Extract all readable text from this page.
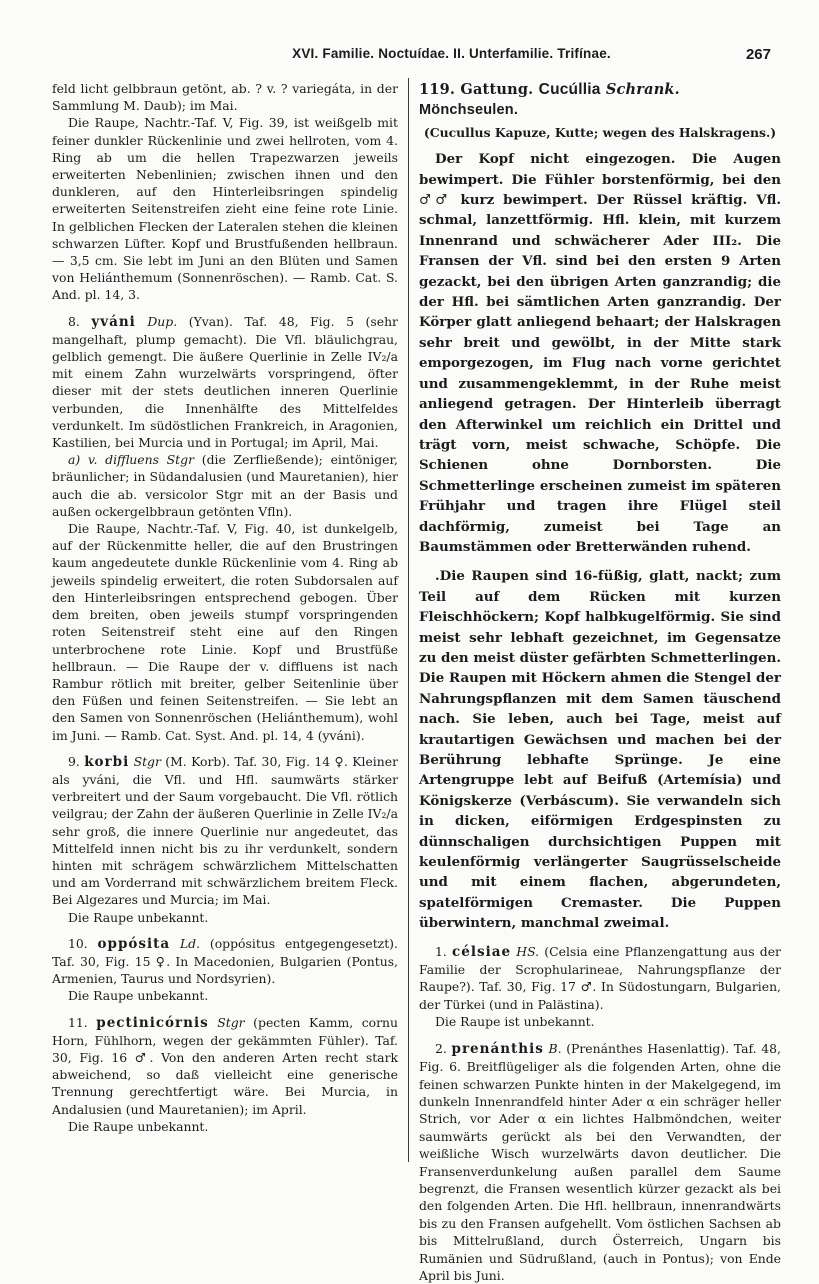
XVI. Familie. Noctuídae. II. Unterfamilie. Trifínae.	267

feld licht gelbbraun getönt, ab. ? v. ? variegáta, in der Sammlung M. Daub); im Mai.

Die Raupe, Nachtr.-Taf. V, Fig. 39, ist weißgelb mit feiner dunkler Rückenlinie und zwei hellroten, vom 4. Ring ab um die hellen Trapezwarzen jeweils erweiterten Nebenlinien; zwischen ihnen und den dunkleren, auf den Hinterleibsringen spindelig erweiterten Seitenstreifen zieht eine feine rote Linie. In gelblichen Flecken der Lateralen stehen die kleinen schwarzen Lüfter. Kopf und Brustfußenden hellbraun. — 3,5 cm. Sie lebt im Juni an den Blüten und Samen von Heliánthemum (Sonnenröschen). — Ramb. Cat. S. And. pl. 14, 3.

8. yváni Dup. (Yvan). Taf. 48, Fig. 5 (sehr mangelhaft, plump gemacht). Die Vfl. bläulichgrau, gelblich gemengt. Die äußere Querlinie in Zelle IV₂/a mit einem Zahn wurzelwärts vorspringend, öfter dieser mit der stets deutlichen inneren Querlinie verbunden, die Innenhälfte des Mittelfeldes verdunkelt. Im südöstlichen Frankreich, in Aragonien, Kastilien, bei Murcia und in Portugal; im April, Mai.

a) v. diffluens Stgr (die Zerfließende); eintöniger, bräunlicher; in Südandalusien (und Mauretanien), hier auch die ab. versicolor Stgr mit an der Basis und außen ockergelbbraun getönten Vfln).

Die Raupe, Nachtr.-Taf. V, Fig. 40, ist dunkelgelb, auf der Rückenmitte heller, die auf den Brustringen kaum angedeutete dunkle Rückenlinie vom 4. Ring ab jeweils spindelig erweitert, die roten Subdorsalen auf den Hinterleibsringen entsprechend gebogen. Über dem breiten, oben jeweils stumpf vorspringenden roten Seitenstreif steht eine auf den Ringen unterbrochene rote Linie. Kopf und Brustfüße hellbraun. — Die Raupe der v. diffluens ist nach Rambur rötlich mit breiter, gelber Seitenlinie über den Füßen und feinen Seitenstreifen. — Sie lebt an den Samen von Sonnenröschen (Heliánthemum), wohl im Juni. — Ramb. Cat. Syst. And. pl. 14, 4 (yváni).

9. korbi Stgr (M. Korb). Taf. 30, Fig. 14 ♀. Kleiner als yváni, die Vfl. und Hfl. saumwärts stärker verbreitert und der Saum vorgebaucht. Die Vfl. rötlich veilgrau; der Zahn der äußeren Querlinie in Zelle IV₂/a sehr groß, die innere Querlinie nur angedeutet, das Mittelfeld innen nicht bis zu ihr verdunkelt, sondern hinten mit schrägem schwärzlichem Mittelschatten und am Vorderrand mit schwärzlichem breitem Fleck. Bei Algezares und Murcia; im Mai.

Die Raupe unbekannt.

10. oppósita Ld. (oppósitus entgegengesetzt). Taf. 30, Fig. 15 ♀. In Macedonien, Bulgarien (Pontus, Armenien, Taurus und Nordsyrien).

Die Raupe unbekannt.

11. pectinicórnis Stgr (pecten Kamm, cornu Horn, Fühlhorn, wegen der gekämmten Fühler). Taf. 30, Fig. 16 ♂. Von den anderen Arten recht stark abweichend, so daß vielleicht eine generische Trennung gerechtfertigt wäre. Bei Murcia, in Andalusien (und Mauretanien); im April.

Die Raupe unbekannt.

119. Gattung. Cucúllia Schrank. Mönchseulen.

(Cucullus Kapuze, Kutte; wegen des Halskragens.)

Der Kopf nicht eingezogen. Die Augen bewimpert. Die Fühler borstenförmig, bei den ♂♂ kurz bewimpert. Der Rüssel kräftig. Vfl. schmal, lanzettförmig. Hfl. klein, mit kurzem Innenrand und schwächerer Ader III₂. Die Fransen der Vfl. sind bei den ersten 9 Arten gezackt, bei den übrigen Arten ganzrandig; die der Hfl. bei sämtlichen Arten ganzrandig. Der Körper glatt anliegend behaart; der Halskragen sehr breit und gewölbt, in der Mitte stark emporgezogen, im Flug nach vorne gerichtet und zusammengeklemmt, in der Ruhe meist anliegend getragen. Der Hinterleib überragt den Afterwinkel um reichlich ein Drittel und trägt vorn, meist schwache, Schöpfe. Die Schienen ohne Dornborsten. Die Schmetterlinge erscheinen zumeist im späteren Frühjahr und tragen ihre Flügel steil dachförmig, zumeist bei Tage an Baumstämmen oder Bretterwänden ruhend.

.Die Raupen sind 16-füßig, glatt, nackt; zum Teil auf dem Rücken mit kurzen Fleischhöckern; Kopf halbkugelförmig. Sie sind meist sehr lebhaft gezeichnet, im Gegensatze zu den meist düster gefärbten Schmetterlingen. Die Raupen mit Höckern ahmen die Stengel der Nahrungspflanzen mit dem Samen täuschend nach. Sie leben, auch bei Tage, meist auf krautartigen Gewächsen und machen bei der Berührung lebhafte Sprünge. Je eine Artengruppe lebt auf Beifuß (Artemísia) und Königskerze (Verbáscum). Sie verwandeln sich in dicken, eiförmigen Erdgespinsten zu dünnschaligen durchsichtigen Puppen mit keulenförmig verlängerter Saugrüsselscheide und mit einem flachen, abgerundeten, spatelförmigen Cremaster. Die Puppen überwintern, manchmal zweimal.

1. célsiae HS. (Celsia eine Pflanzengattung aus der Familie der Scrophularineae, Nahrungspflanze der Raupe?). Taf. 30, Fig. 17 ♂. In Südostungarn, Bulgarien, der Türkei (und in Palästina).

Die Raupe ist unbekannt.

2. prenánthis B. (Prenánthes Hasenlattig). Taf. 48, Fig. 6. Breitflügeliger als die folgenden Arten, ohne die feinen schwarzen Punkte hinten in der Makelgegend, im dunkeln Innenrandfeld hinter Ader α ein schräger heller Strich, vor Ader α ein lichtes Halbmöndchen, weiter saumwärts gerückt als bei den Verwandten, der weißliche Wisch wurzelwärts davon deutlicher. Die Fransenverdunkelung außen parallel dem Saume begrenzt, die Fransen wesentlich kürzer gezackt als bei den folgenden Arten. Die Hfl. hellbraun, innenrandwärts bis zu den Fransen aufgehellt. Vom östlichen Sachsen ab bis Mittelrußland, durch Österreich, Ungarn bis Rumänien und Südrußland, (auch in Pontus); von Ende April bis Juni.
